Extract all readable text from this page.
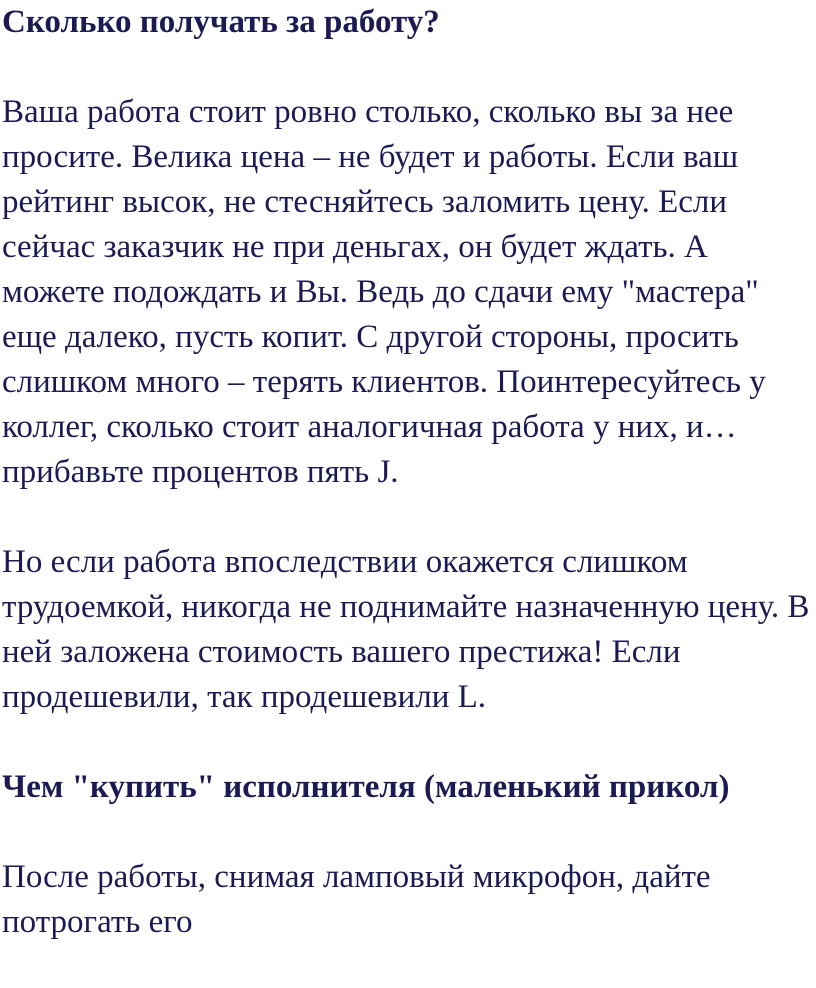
Сколько получать за работу?

Ваша работа стоит ровно столько, сколько вы за нее просите. Велика цена – не будет и работы. Если ваш рейтинг высок, не стесняйтесь заломить цену. Если сейчас заказчик не при деньгах, он будет ждать. А можете подождать и Вы. Ведь до сдачи ему "мастера" еще далеко, пусть копит. С другой стороны, просить слишком много – терять клиентов. Поинтересуйтесь у коллег, сколько стоит аналогичная работа у них, и… прибавьте процентов пять J.

Но если работа впоследствии окажется слишком трудоемкой, никогда не поднимайте назначенную цену. В ней заложена стоимость вашего престижа! Если продешевили, так продешевили L.

Чем "купить" исполнителя (маленький прикол)

После работы, снимая ламповый микрофон, дайте потрогать его
